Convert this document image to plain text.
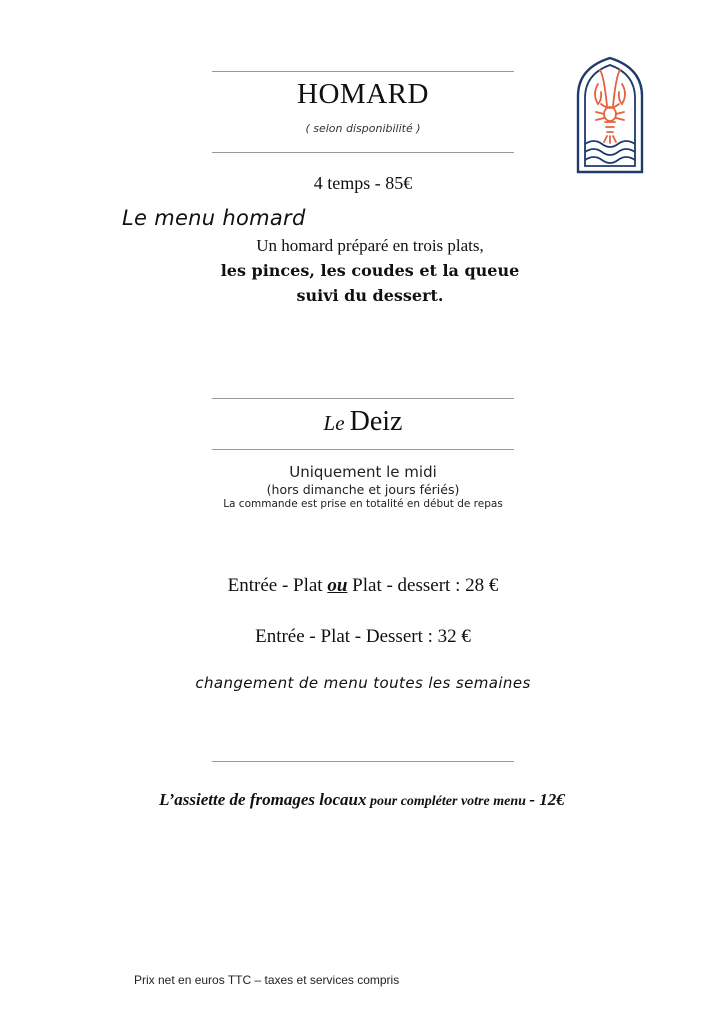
HOMARD
( selon disponibilité )
4 temps - 85€
Le menu homard
Un homard préparé en trois plats,
les pinces, les coudes et la queue
suivi du dessert.
Le Deiz
Uniquement le midi
(hors dimanche et jours fériés)
La commande est prise en totalité en début de repas
Entrée - Plat ou Plat - dessert : 28 €
Entrée - Plat - Dessert : 32 €
changement de menu toutes les semaines
L’assiette de fromages locaux pour compléter votre menu - 12€
Prix net en euros TTC – taxes et services compris
